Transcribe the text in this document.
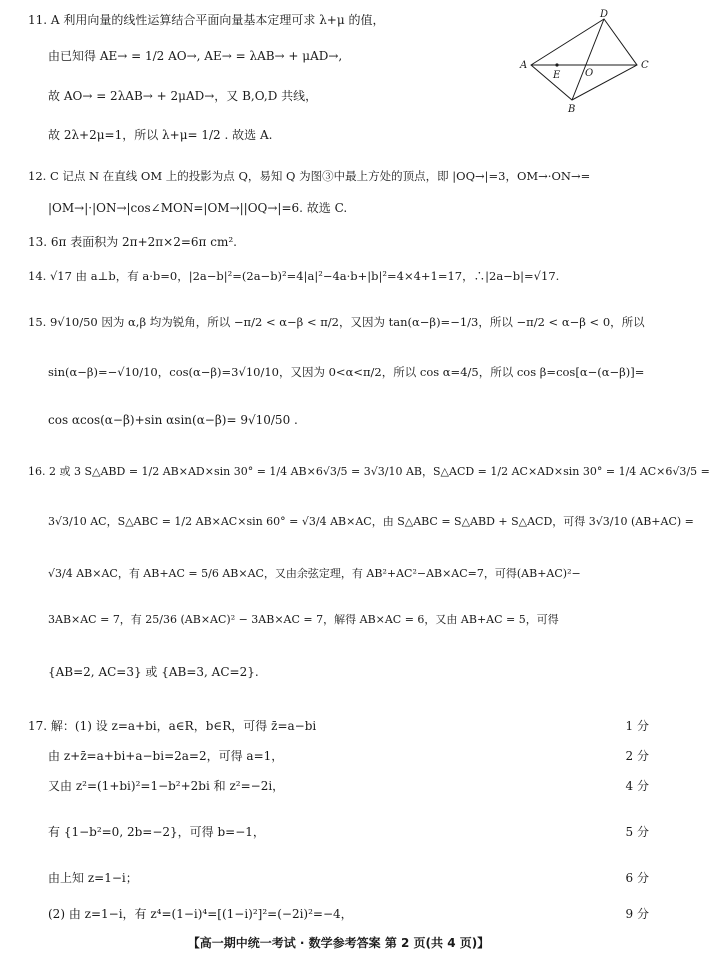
D
A
E O
C
B
11. A 利用向量的线性运算结合平面向量基本定理可求 λ+μ 的值，
由已知得 AE→ = 1/2 AO→, AE→ = λAB→ + μAD→,
故 AO→ = 2λAB→ + 2μAD→，又 B,O,D 共线，
故 2λ+2μ=1，所以 λ+μ= 1/2 . 故选 A.
12. C 记点 N 在直线 OM 上的投影为点 Q，易知 Q 为图③中最上方处的顶点，即 |OQ→|=3，OM→·ON→=
|OM→|·|ON→|cos∠MON=|OM→||OQ→|=6. 故选 C.
13. 6π 表面积为 2π+2π×2=6π cm².
14. √17 由 a⊥b，有 a·b=0，|2a−b|²=(2a−b)²=4|a|²−4a·b+|b|²=4×4+1=17，∴|2a−b|=√17.
15. 9√10/50 因为 α,β 均为锐角，所以 −π/2 < α−β < π/2，又因为 tan(α−β)=−1/3，所以 −π/2 < α−β < 0，所以
sin(α−β)=−√10/10，cos(α−β)=3√10/10，又因为 0<α<π/2，所以 cos α=4/5，所以 cos β=cos[α−(α−β)]=
cos αcos(α−β)+sin αsin(α−β)= 9√10/50 .
16. 2 或 3 S△ABD = 1/2 AB×AD×sin 30° = 1/4 AB×6√3/5 = 3√3/10 AB，S△ACD = 1/2 AC×AD×sin 30° = 1/4 AC×6√3/5 =
3√3/10 AC，S△ABC = 1/2 AB×AC×sin 60° = √3/4 AB×AC，由 S△ABC = S△ABD + S△ACD，可得 3√3/10 (AB+AC) =
√3/4 AB×AC，有 AB+AC = 5/6 AB×AC，又由余弦定理，有 AB²+AC²−AB×AC=7，可得(AB+AC)²−
3AB×AC = 7，有 25/36 (AB×AC)² − 3AB×AC = 7，解得 AB×AC = 6，又由 AB+AC = 5，可得
{AB=2, AC=3} 或 {AB=3, AC=2}.
17. 解：(1) 设 z=a+bi，a∈R，b∈R，可得 z̄=a−bi
由 z+z̄=a+bi+a−bi=2a=2，可得 a=1，
又由 z²=(1+bi)²=1−b²+2bi 和 z²=−2i，
有 {1−b²=0, 2b=−2}，可得 b=−1，
由上知 z=1−i；
(2) 由 z=1−i，有 z⁴=(1−i)⁴=[(1−i)²]²=(−2i)²=−4，
1 分
2 分
4 分
5 分
6 分
9 分
【高一期中统一考试 · 数学参考答案 第 2 页(共 4 页)】
